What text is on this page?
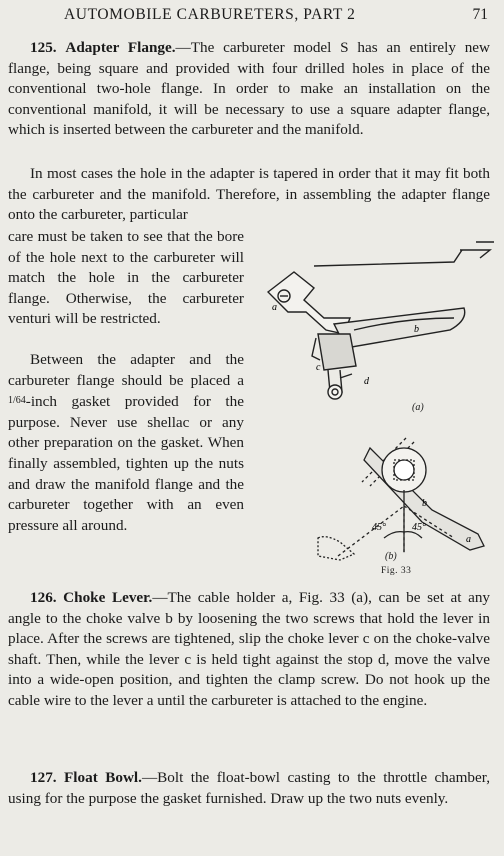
AUTOMOBILE CARBURETERS, PART 2	71

125. Adapter Flange.—The carbureter model S has an entirely new flange, being square and provided with four drilled holes in place of the conventional two-hole flange. In order to make an installation on the conventional manifold, it will be necessary to use a square adapter flange, which is inserted between the carbureter and the manifold.

In most cases the hole in the adapter is tapered in order that it may fit both the carbureter and the manifold. Therefore, in assembling the adapter flange onto the carbureter, particular

care must be taken to see that the bore of the hole next to the carbureter will match the hole in the carbureter flange. Otherwise, the carbureter venturi will be restricted.

Between the adapter and the carbureter flange should be placed a 1/64-inch gasket provided for the purpose. Never use shellac or any other preparation on the gasket. When finally assembled, tighten up the nuts and draw the manifold flange and the carbureter together with an even pressure all around.

a
b
c
d
45°	45°
b
a
(a)
(b)
Fig. 33

126. Choke Lever.—The cable holder a, Fig. 33 (a), can be set at any angle to the choke valve b by loosening the two screws that hold the lever in place. After the screws are tightened, slip the choke lever c on the choke-valve shaft. Then, while the lever c is held tight against the stop d, move the valve into a wide-open position, and tighten the clamp screw. Do not hook up the cable wire to the lever a until the carbureter is attached to the engine.

127. Float Bowl.—Bolt the float-bowl casting to the throttle chamber, using for the purpose the gasket furnished. Draw up the two nuts evenly.
